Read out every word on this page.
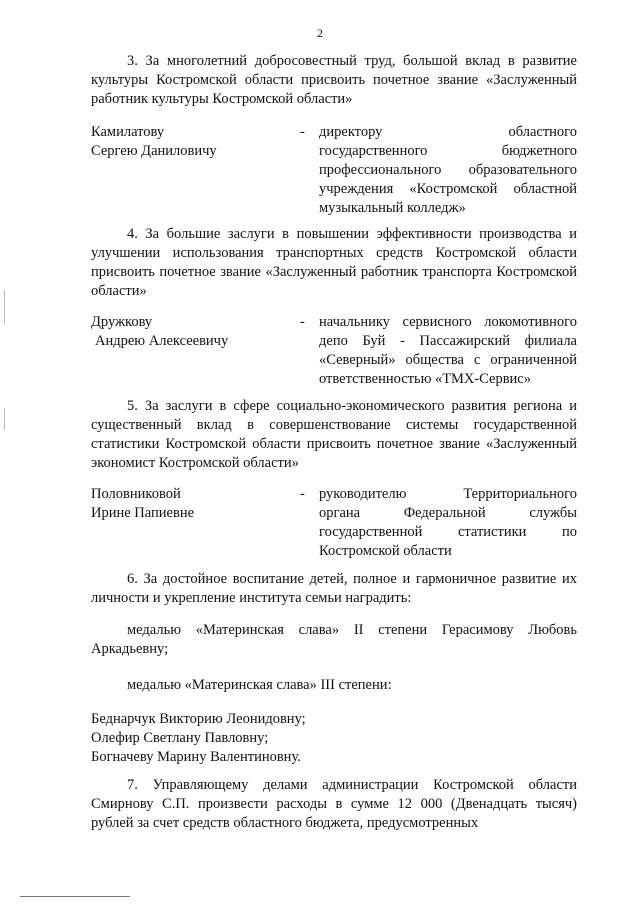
2
3. За многолетний добросовестный труд, большой вклад в развитие культуры Костромской области присвоить почетное звание «Заслуженный работник культуры Костромской области»
Камилатову
Сергею Даниловичу
- директору областного
государственного бюджетного
профессионального образовательного
учреждения «Костромской областной
музыкальный колледж»
4. За большие заслуги в повышении эффективности производства и улучшении использования транспортных средств Костромской области присвоить почетное звание «Заслуженный работник транспорта Костромской области»
Дружкову
Андрею Алексеевичу
- начальнику сервисного локомотивного
депо Буй - Пассажирский филиала
«Северный» общества с ограниченной
ответственностью «ТМХ-Сервис»
5. За заслуги в сфере социально-экономического развития региона и существенный вклад в совершенствование системы государственной статистики Костромской области присвоить почетное звание «Заслуженный экономист Костромской области»
Половниковой
Ирине Папиевне
- руководителю Территориального
органа Федеральной службы
государственной статистики по
Костромской области
6. За достойное воспитание детей, полное и гармоничное развитие их личности и укрепление института семьи наградить:
медалью «Материнская слава» II степени Герасимову Любовь Аркадьевну;
медалью «Материнская слава» III степени:
Беднарчук Викторию Леонидовну;
Олефир Светлану Павловну;
Богначеву Марину Валентиновну.
7. Управляющему делами администрации Костромской области Смирнову С.П. произвести расходы в сумме 12 000 (Двенадцать тысяч) рублей за счет средств областного бюджета, предусмотренных
